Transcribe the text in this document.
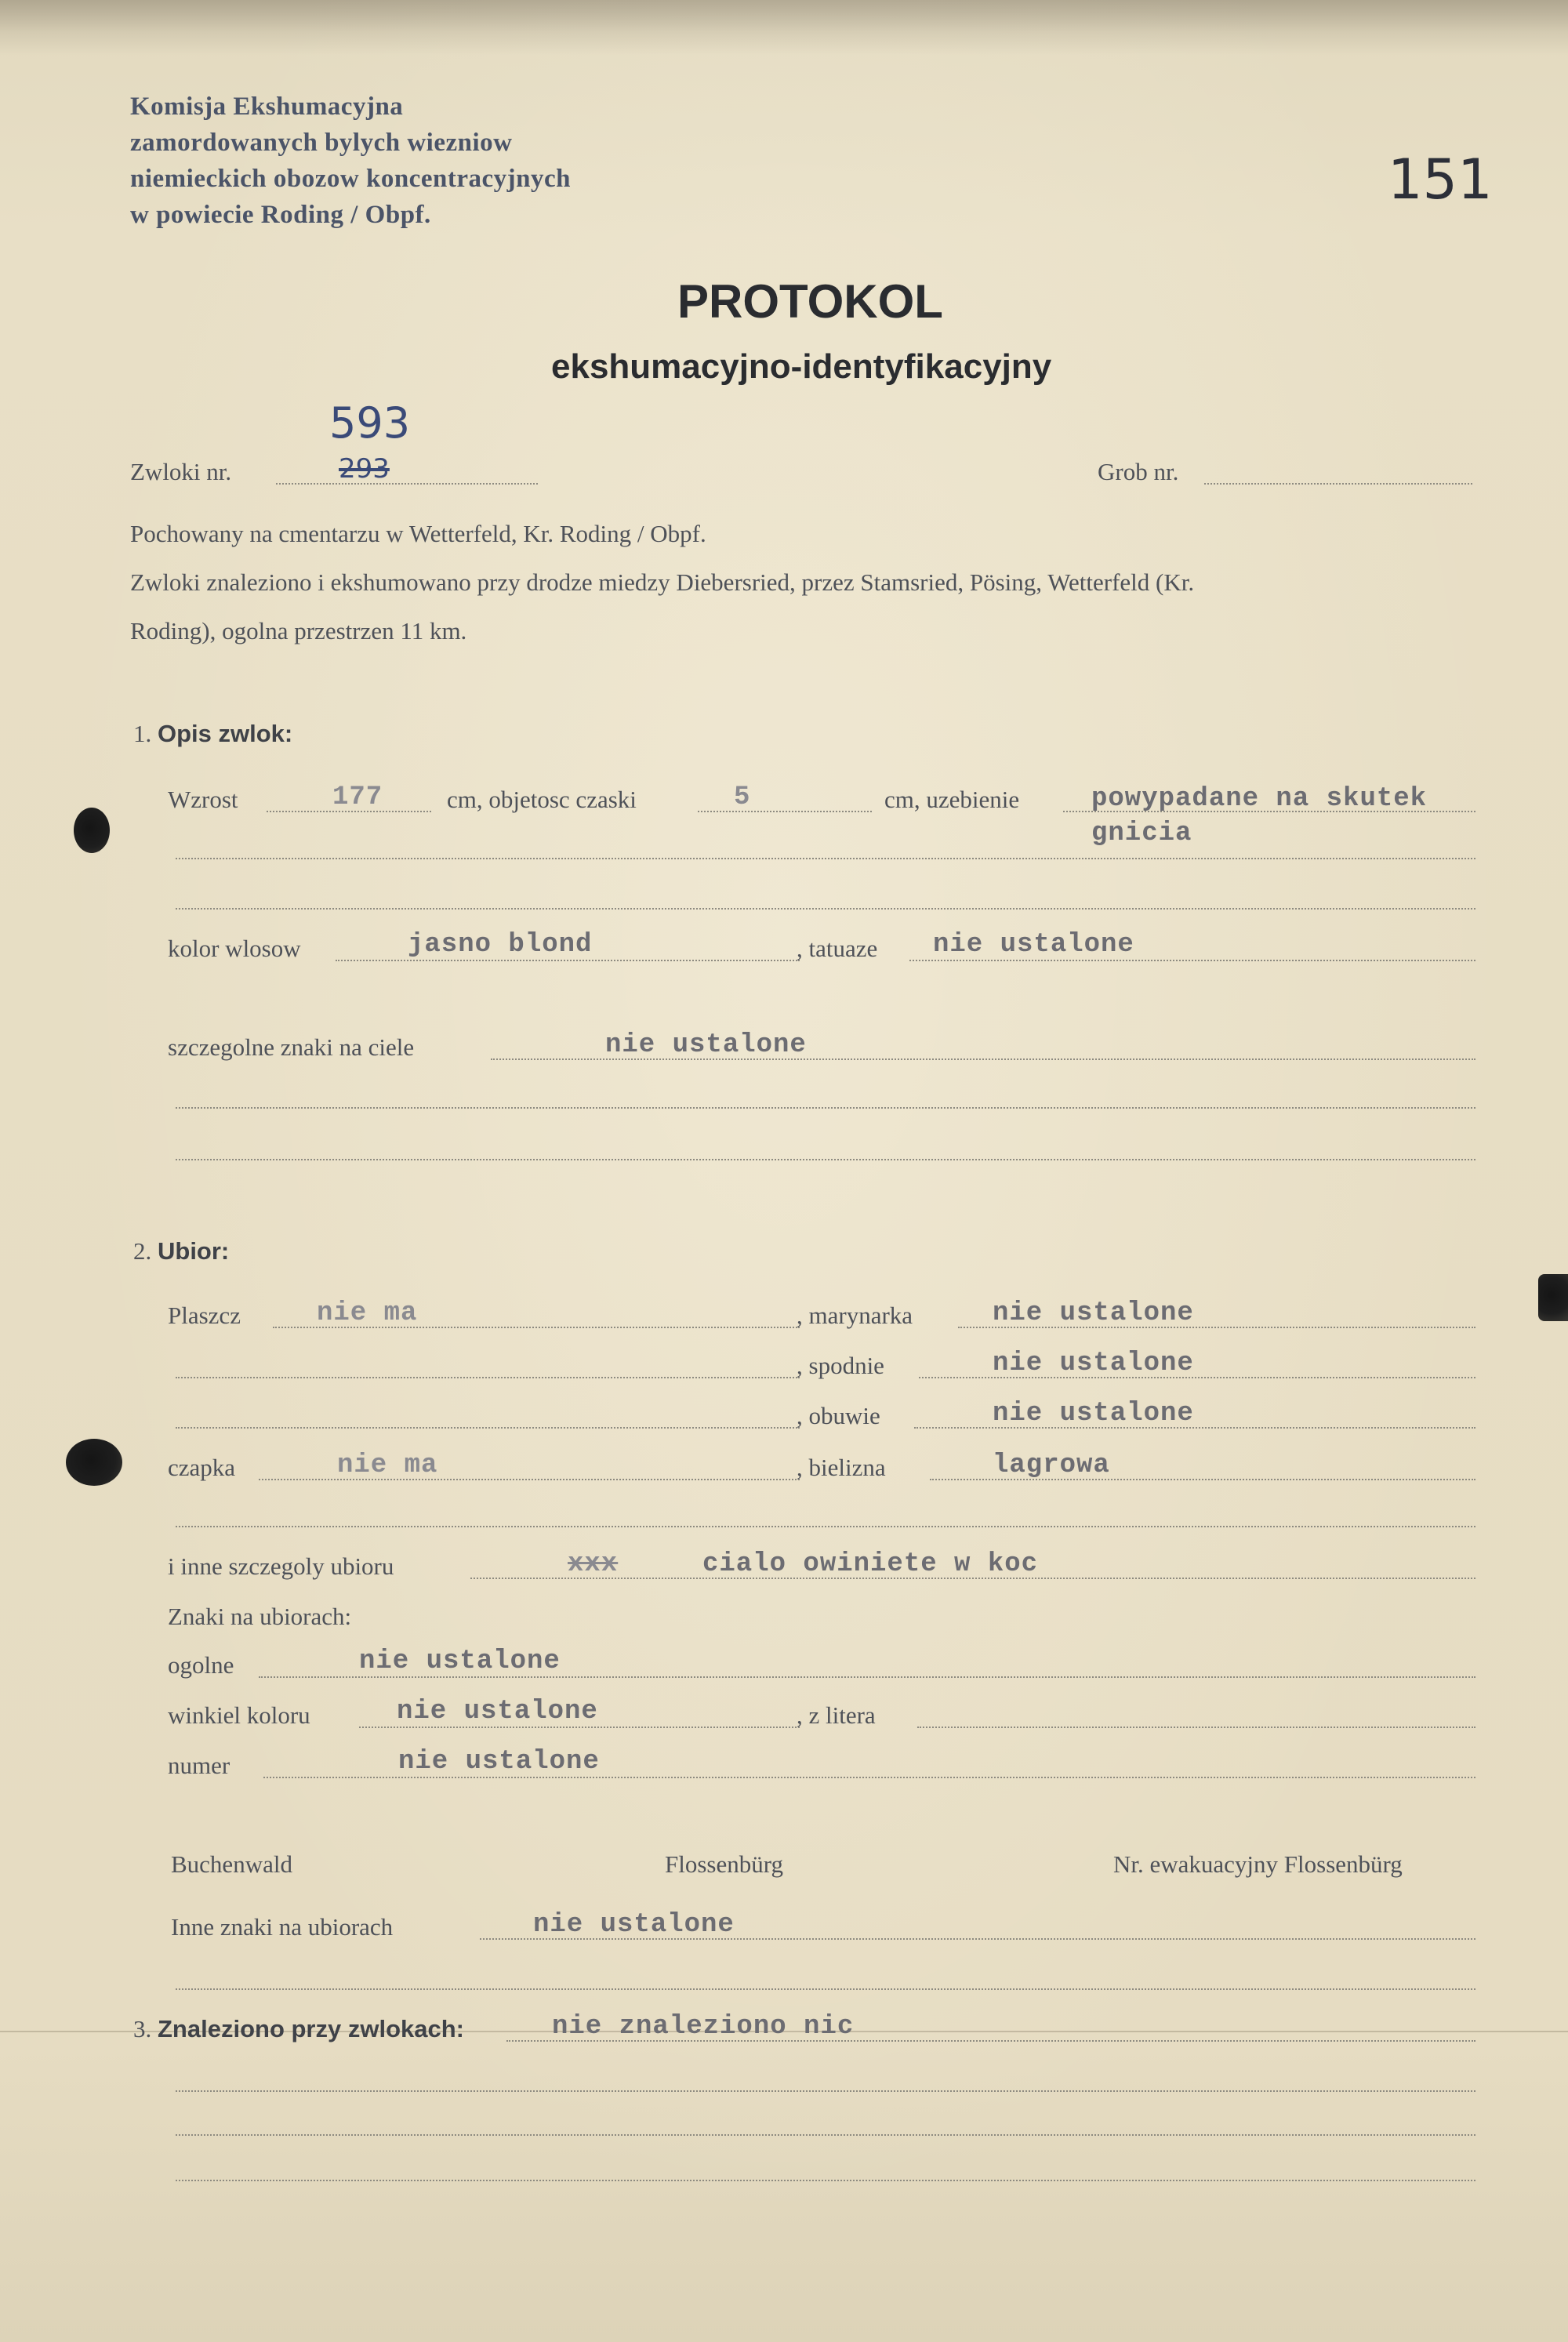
Komisja Ekshumacyjna
zamordowanych bylych wiezniow
niemieckich obozow koncentracyjnych
w powiecie Roding / Obpf.
151
PROTOKOL
ekshumacyjno-identyfikacyjny
Zwloki nr.
593
293	Grob nr.
Pochowany na cmentarzu w Wetterfeld, Kr. Roding / Obpf.
Zwloki znaleziono i ekshumowano przy drodze miedzy Diebersried, przez Stamsried, Pösing, Wetterfeld (Kr.
Roding), ogolna przestrzen 11 km.
1. Opis zwlok:
Wzrost	177	cm, objetosc czaski	5	cm, uzebienie	powypadane na skutek
gnicia
kolor wlosow	jasno blond	, tatuaze nie ustalone
szczegolne znaki na ciele	nie ustalone
2. Ubior:
Plaszcz	nie ma	, marynarka	nie ustalone
, spodnie	nie ustalone
, obuwie	nie ustalone
czapka	nie ma	, bielizna	lagrowa
i inne szczegoly ubioru	xxx	cialo owiniete w koc
Znaki na ubiorach:
ogolne	nie ustalone
winkiel koloru	nie ustalone	, z litera
numer	nie ustalone
Buchenwald	Flossenbürg	Nr. ewakuacyjny Flossenbürg
Inne znaki na ubiorach	nie ustalone
3. Znaleziono przy zwlokach:	nie znaleziono nic
